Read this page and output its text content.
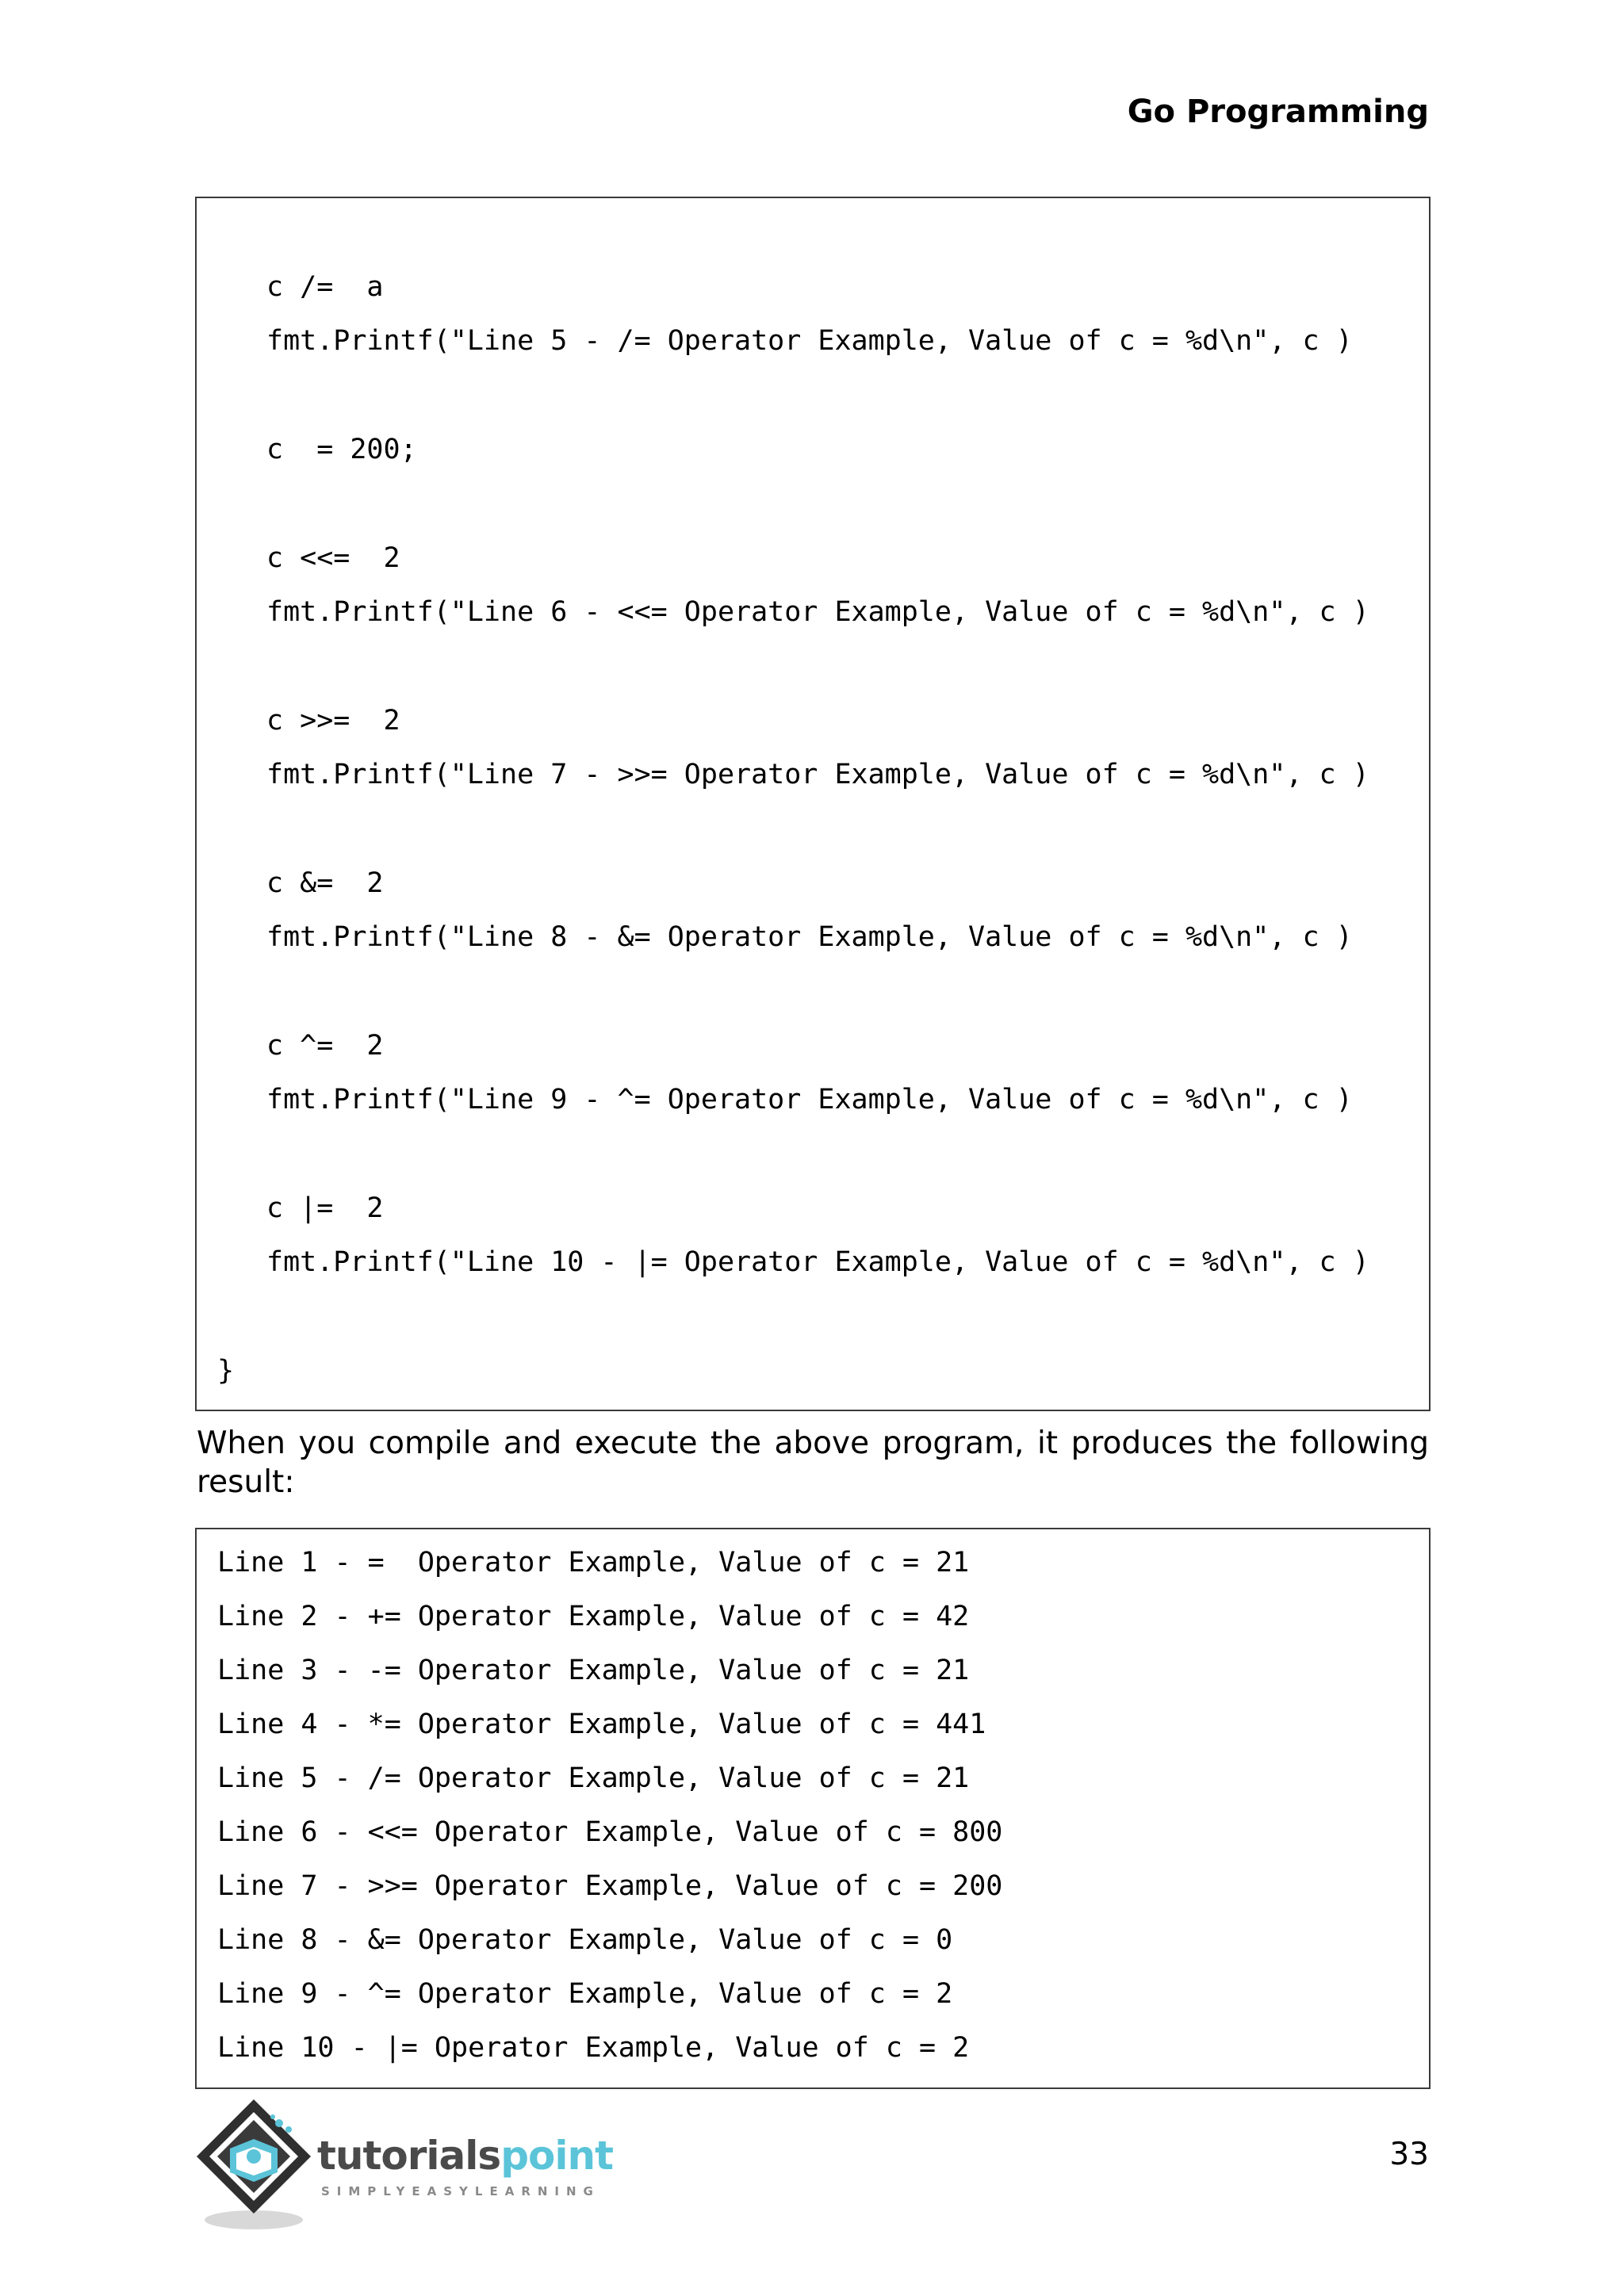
Go Programming
c /=  a
fmt.Printf("Line 5 - /= Operator Example, Value of c = %d\n", c )
c  = 200;
c <<=  2
fmt.Printf("Line 6 - <<= Operator Example, Value of c = %d\n", c )
c >>=  2
fmt.Printf("Line 7 - >>= Operator Example, Value of c = %d\n", c )
c &=  2
fmt.Printf("Line 8 - &= Operator Example, Value of c = %d\n", c )
c ^=  2
fmt.Printf("Line 9 - ^= Operator Example, Value of c = %d\n", c )
c |=  2
fmt.Printf("Line 10 - |= Operator Example, Value of c = %d\n", c )
}

When you compile and execute the above program, it produces the following result:

Line 1 - =  Operator Example, Value of c = 21
Line 2 - += Operator Example, Value of c = 42
Line 3 - -= Operator Example, Value of c = 21
Line 4 - *= Operator Example, Value of c = 441
Line 5 - /= Operator Example, Value of c = 21
Line 6 - <<= Operator Example, Value of c = 800
Line 7 - >>= Operator Example, Value of c = 200
Line 8 - &= Operator Example, Value of c = 0
Line 9 - ^= Operator Example, Value of c = 2
Line 10 - |= Operator Example, Value of c = 2
tutorialspoint
SIMPLYEASYLEARNING
33
